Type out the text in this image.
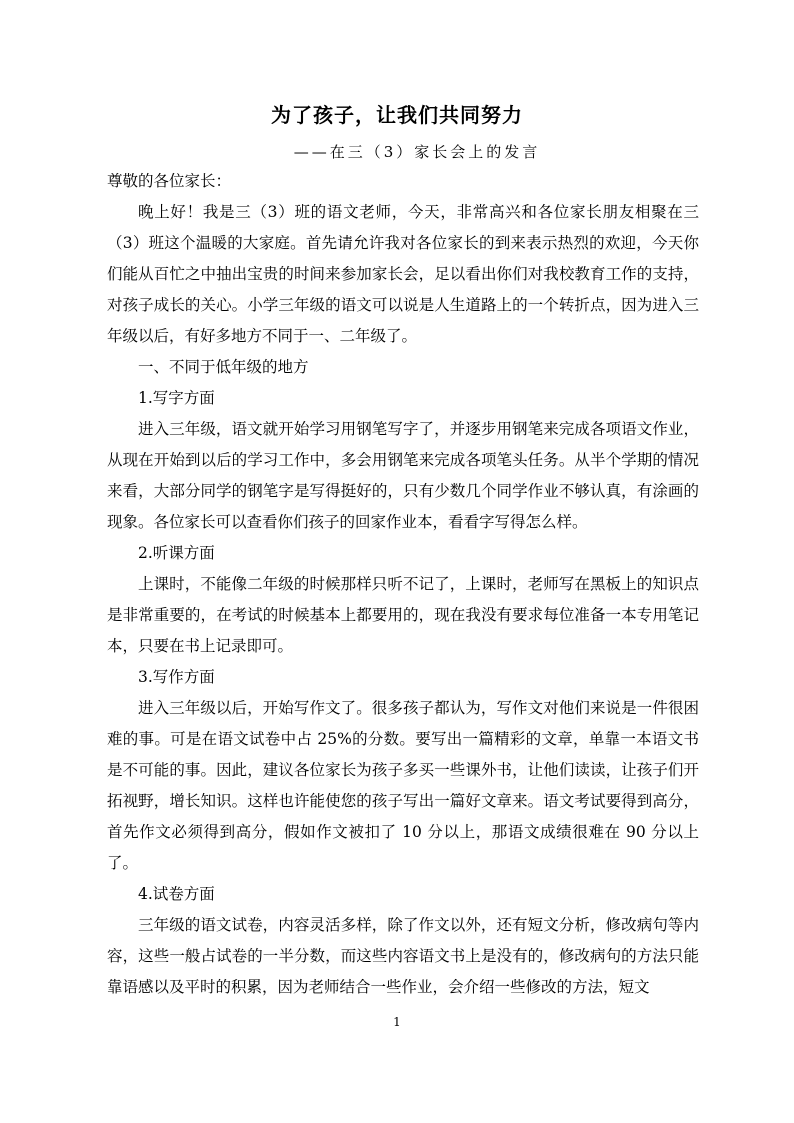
为了孩子，让我们共同努力
——在三（3）家长会上的发言

尊敬的各位家长：

晚上好！我是三（3）班的语文老师，今天，非常高兴和各位家长朋友相聚在三（3）班这个温暖的大家庭。首先请允许我对各位家长的到来表示热烈的欢迎，今天你们能从百忙之中抽出宝贵的时间来参加家长会，足以看出你们对我校教育工作的支持，对孩子成长的关心。小学三年级的语文可以说是人生道路上的一个转折点，因为进入三年级以后，有好多地方不同于一、二年级了。

一、不同于低年级的地方

1.写字方面

进入三年级，语文就开始学习用钢笔写字了，并逐步用钢笔来完成各项语文作业，从现在开始到以后的学习工作中，多会用钢笔来完成各项笔头任务。从半个学期的情况来看，大部分同学的钢笔字是写得挺好的，只有少数几个同学作业不够认真，有涂画的现象。各位家长可以查看你们孩子的回家作业本，看看字写得怎么样。

2.听课方面

上课时，不能像二年级的时候那样只听不记了，上课时，老师写在黑板上的知识点是非常重要的，在考试的时候基本上都要用的，现在我没有要求每位准备一本专用笔记本，只要在书上记录即可。

3.写作方面

进入三年级以后，开始写作文了。很多孩子都认为，写作文对他们来说是一件很困难的事。可是在语文试卷中占 25%的分数。要写出一篇精彩的文章，单靠一本语文书是不可能的事。因此，建议各位家长为孩子多买一些课外书，让他们读读，让孩子们开拓视野，增长知识。这样也许能使您的孩子写出一篇好文章来。语文考试要得到高分，首先作文必须得到高分，假如作文被扣了 10 分以上，那语文成绩很难在 90 分以上了。

4.试卷方面

三年级的语文试卷，内容灵活多样，除了作文以外，还有短文分析，修改病句等内容，这些一般占试卷的一半分数，而这些内容语文书上是没有的，修改病句的方法只能靠语感以及平时的积累，因为老师结合一些作业，会介绍一些修改的方法，短文

1
